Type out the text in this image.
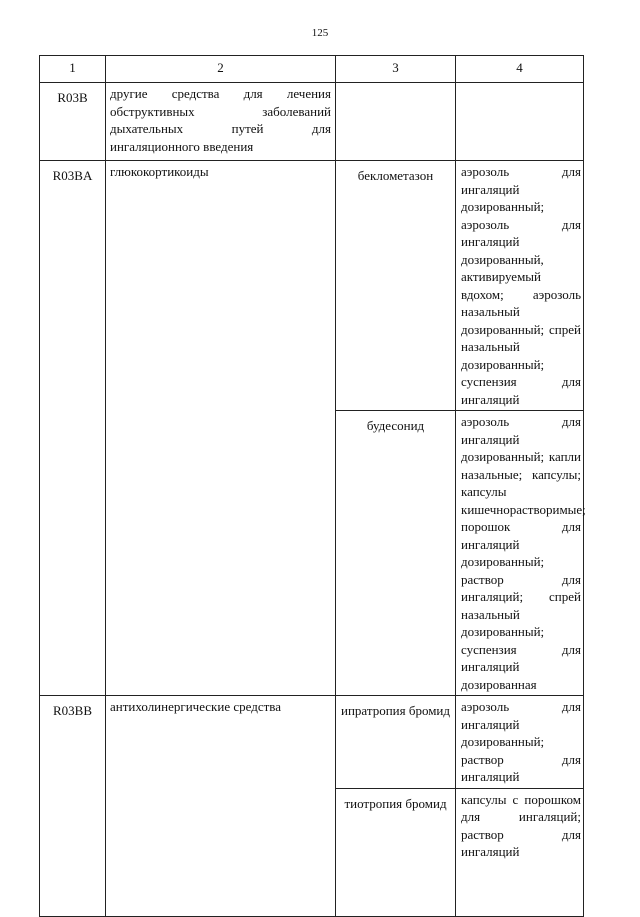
125
1	2	3	4
R03B	другие средства для лечения обструктивных заболеваний дыхательных путей для ингаляционного введения		
R03BA	глюкокортикоиды	беклометазон	аэрозоль для ингаляций дозированный; аэрозоль для ингаляций дозированный, активируемый вдохом; аэрозоль назальный дозированный; спрей назальный дозированный; суспензия для ингаляций
		будесонид	аэрозоль для ингаляций дозированный; капли назальные; капсулы; капсулы кишечнорастворимые; порошок для ингаляций дозированный; раствор для ингаляций; спрей назальный дозированный; суспензия для ингаляций дозированная
R03BB	антихолинергические средства	ипратропия бромид	аэрозоль для ингаляций дозированный; раствор для ингаляций
		тиотропия бромид	капсулы с порошком для ингаляций; раствор для ингаляций
